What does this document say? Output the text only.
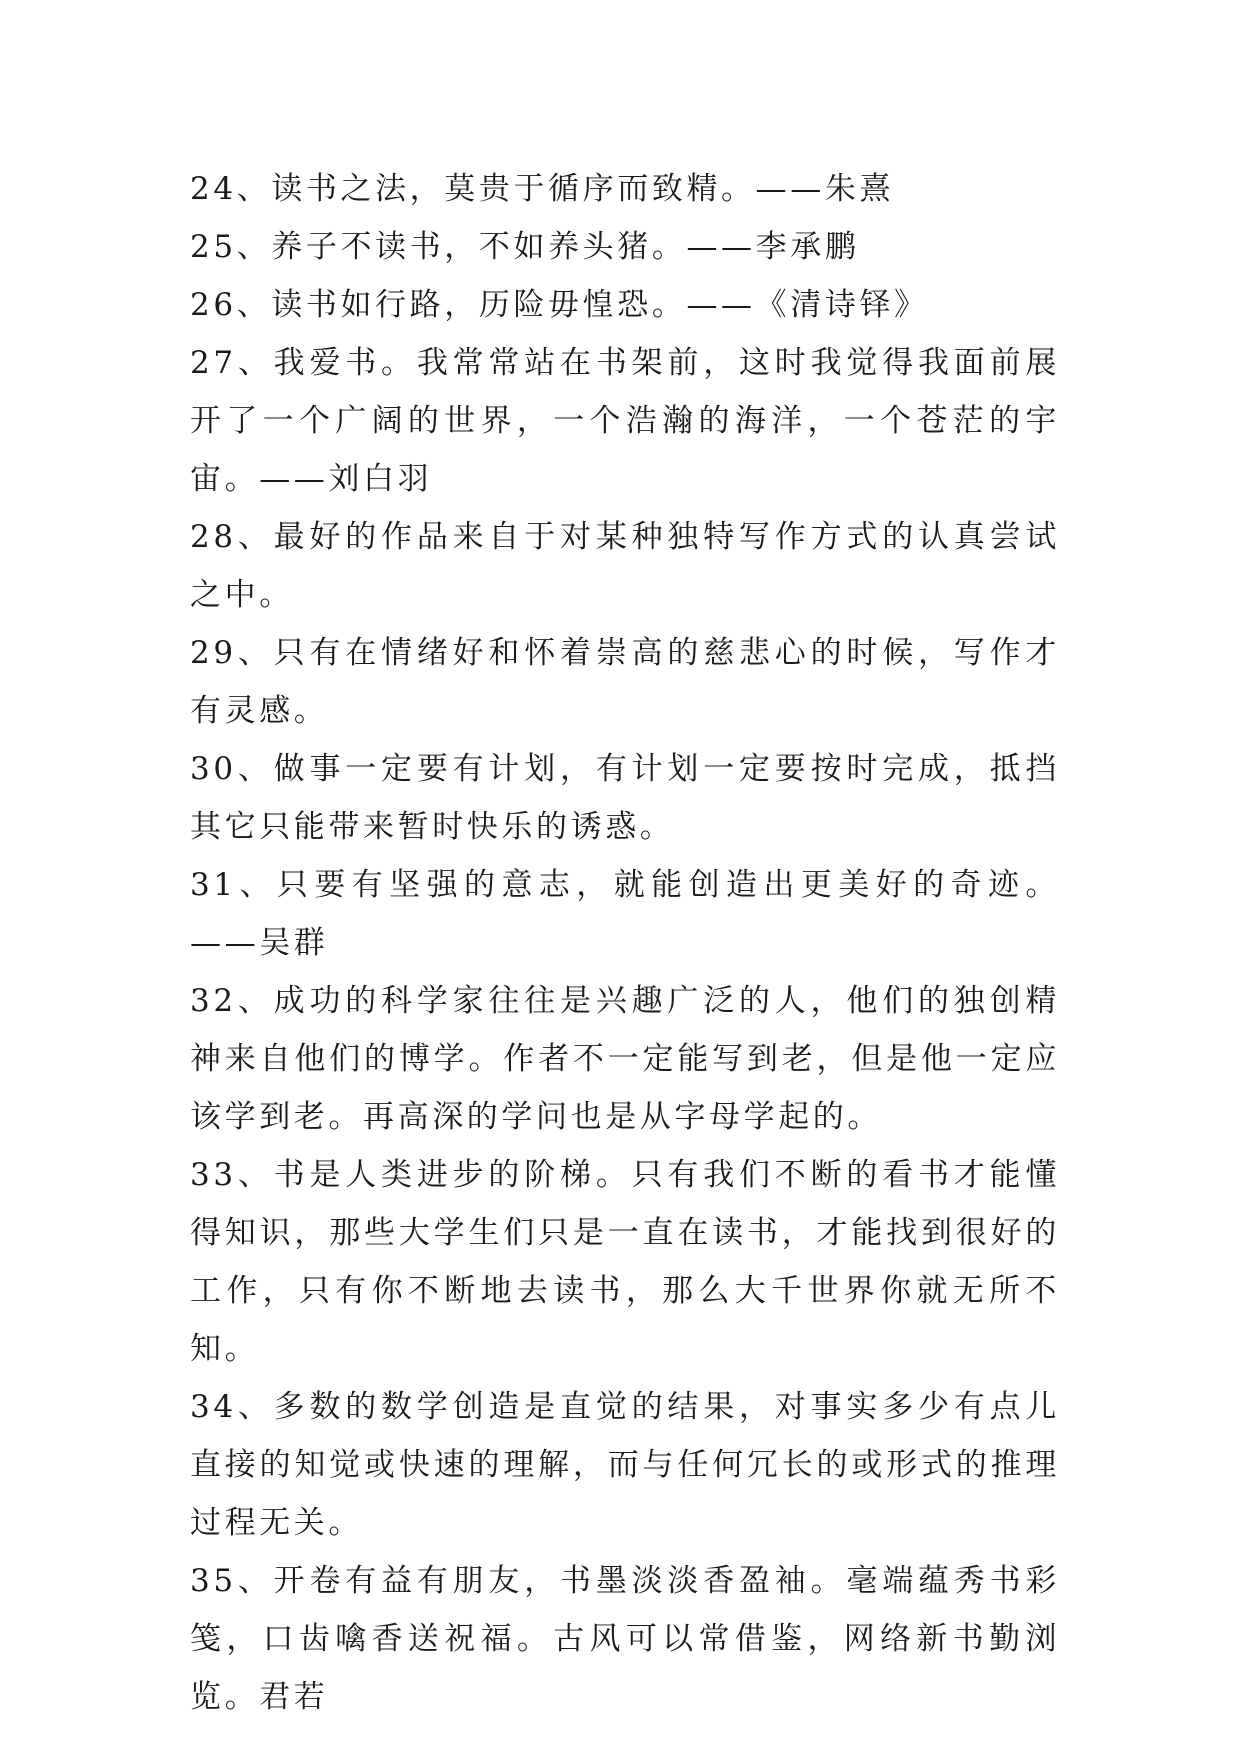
24、读书之法，莫贵于循序而致精。——朱熹

25、养子不读书，不如养头猪。——李承鹏

26、读书如行路，历险毋惶恐。——《清诗铎》

27、我爱书。我常常站在书架前，这时我觉得我面前展开了一个广阔的世界，一个浩瀚的海洋，一个苍茫的宇宙。——刘白羽

28、最好的作品来自于对某种独特写作方式的认真尝试之中。

29、只有在情绪好和怀着崇高的慈悲心的时候，写作才有灵感。

30、做事一定要有计划，有计划一定要按时完成，抵挡其它只能带来暂时快乐的诱惑。

31、只要有坚强的意志，就能创造出更美好的奇迹。——吴群

32、成功的科学家往往是兴趣广泛的人，他们的独创精神来自他们的博学。作者不一定能写到老，但是他一定应该学到老。再高深的学问也是从字母学起的。

33、书是人类进步的阶梯。只有我们不断的看书才能懂得知识，那些大学生们只是一直在读书，才能找到很好的工作，只有你不断地去读书，那么大千世界你就无所不知。

34、多数的数学创造是直觉的结果，对事实多少有点儿直接的知觉或快速的理解，而与任何冗长的或形式的推理过程无关。

35、开卷有益有朋友，书墨淡淡香盈袖。毫端蕴秀书彩笺，口齿噙香送祝福。古风可以常借鉴，网络新书勤浏览。君若
